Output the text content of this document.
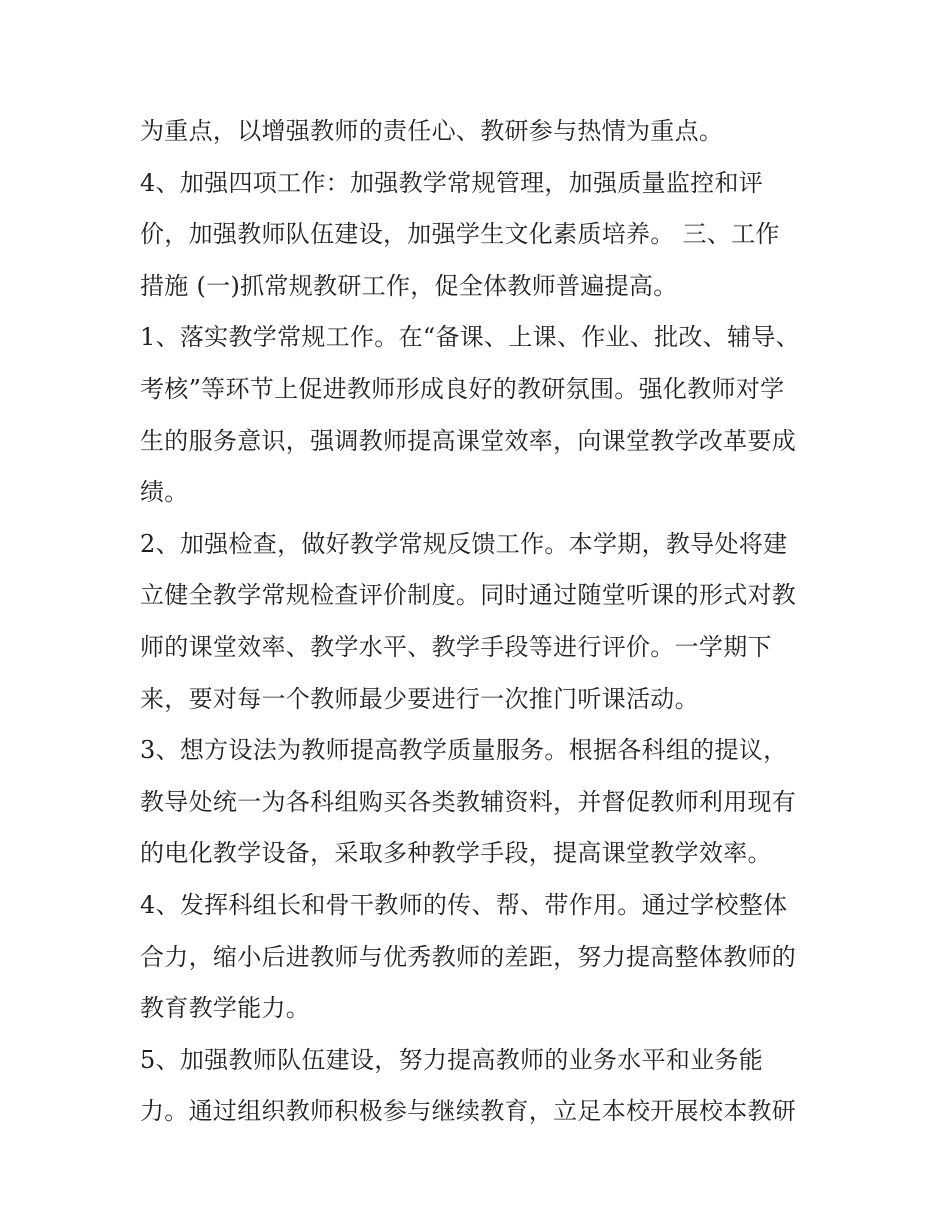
为重点，以增强教师的责任心、教研参与热情为重点。
4、加强四项工作：加强教学常规管理，加强质量监控和评
价，加强教师队伍建设，加强学生文化素质培养。 三、工作
措施 (一)抓常规教研工作，促全体教师普遍提高。
1、落实教学常规工作。在“备课、上课、作业、批改、辅导、
考核”等环节上促进教师形成良好的教研氛围。强化教师对学
生的服务意识，强调教师提高课堂效率，向课堂教学改革要成
绩。
2、加强检查，做好教学常规反馈工作。本学期，教导处将建
立健全教学常规检查评价制度。同时通过随堂听课的形式对教
师的课堂效率、教学水平、教学手段等进行评价。一学期下
来，要对每一个教师最少要进行一次推门听课活动。
3、想方设法为教师提高教学质量服务。根据各科组的提议，
教导处统一为各科组购买各类教辅资料，并督促教师利用现有
的电化教学设备，采取多种教学手段，提高课堂教学效率。
4、发挥科组长和骨干教师的传、帮、带作用。通过学校整体
合力，缩小后进教师与优秀教师的差距，努力提高整体教师的
教育教学能力。
5、加强教师队伍建设，努力提高教师的业务水平和业务能
力。通过组织教师积极参与继续教育，立足本校开展校本教研
